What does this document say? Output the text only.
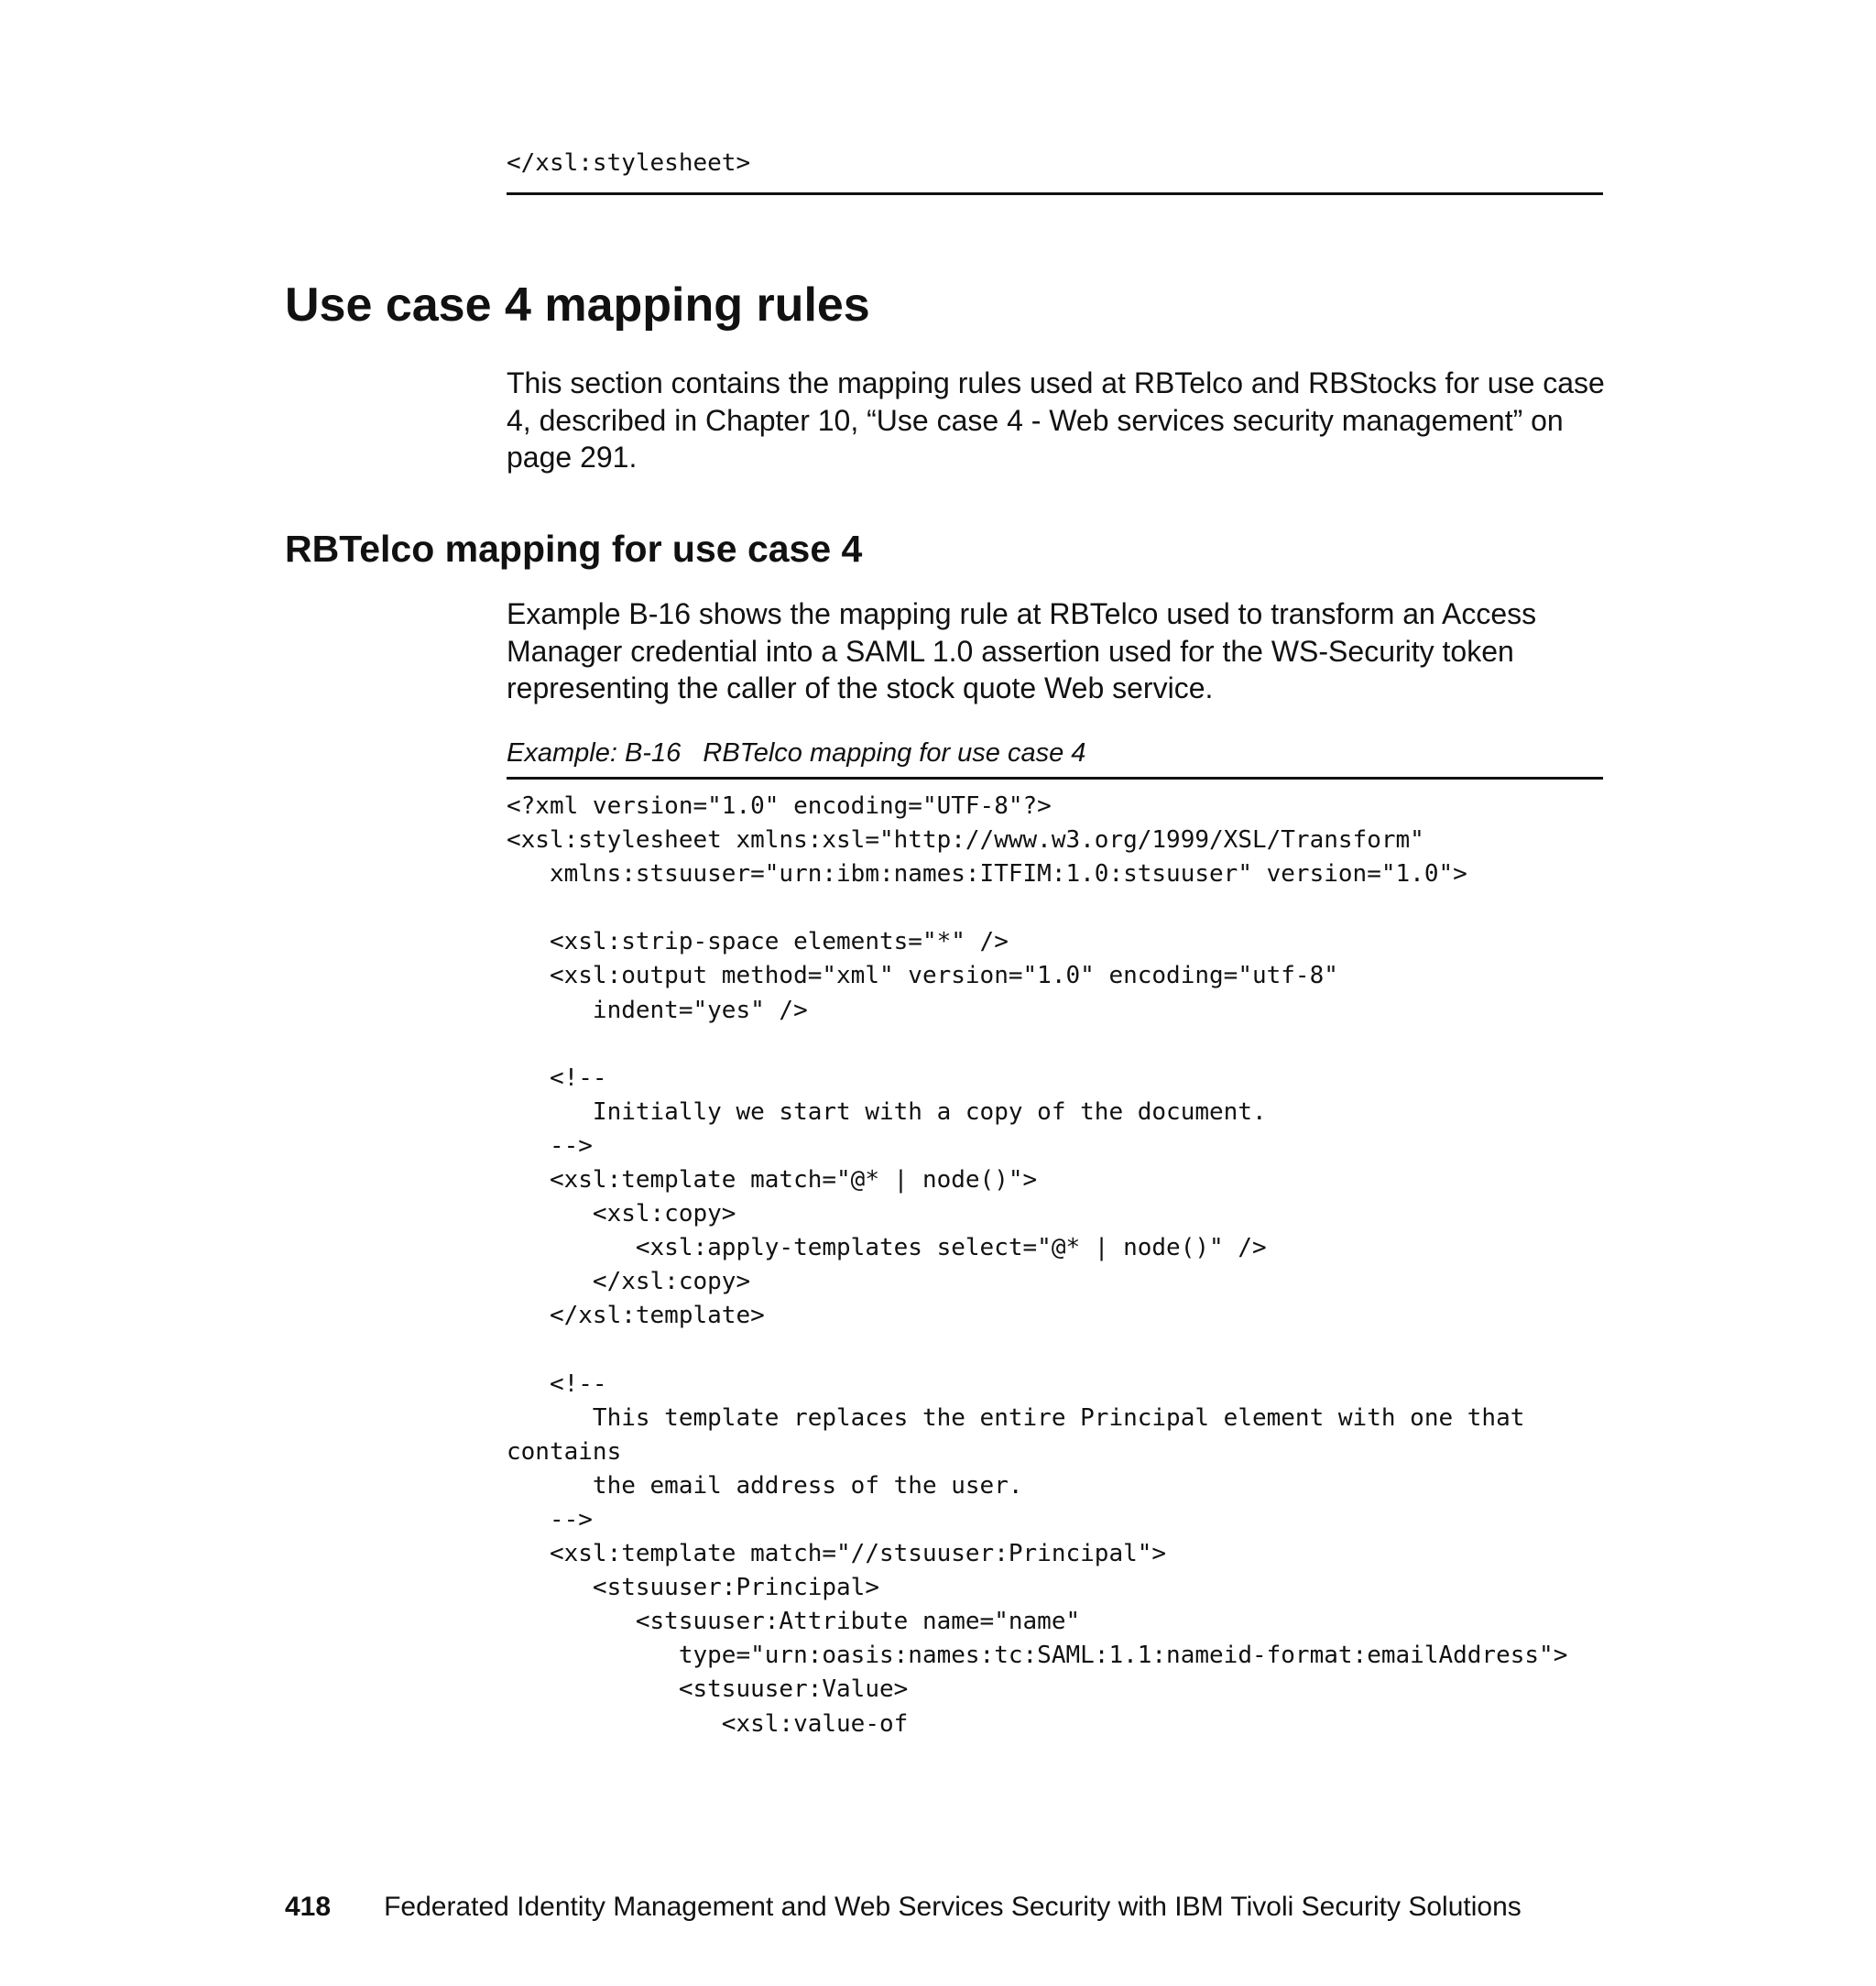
</xsl:stylesheet>
Use case 4 mapping rules

This section contains the mapping rules used at RBTelco and RBStocks for use case 4, described in Chapter 10, “Use case 4 - Web services security management” on page 291.

RBTelco mapping for use case 4

Example B-16 shows the mapping rule at RBTelco used to transform an Access Manager credential into a SAML 1.0 assertion used for the WS-Security token representing the caller of the stock quote Web service.

Example: B-16   RBTelco mapping for use case 4
<?xml version="1.0" encoding="UTF-8"?>
<xsl:stylesheet xmlns:xsl="http://www.w3.org/1999/XSL/Transform"
xmlns:stsuuser="urn:ibm:names:ITFIM:1.0:stsuuser" version="1.0">

<xsl:strip-space elements="*" />
<xsl:output method="xml" version="1.0" encoding="utf-8"
indent="yes" />

<!--
Initially we start with a copy of the document.
-->
<xsl:template match="@* | node()">
<xsl:copy>
<xsl:apply-templates select="@* | node()" />
</xsl:copy>
</xsl:template>

<!--
This template replaces the entire Principal element with one that
contains
the email address of the user.
-->
<xsl:template match="//stsuuser:Principal">
<stsuuser:Principal>
<stsuuser:Attribute name="name"
type="urn:oasis:names:tc:SAML:1.1:nameid-format:emailAddress">
<stsuuser:Value>
<xsl:value-of
418 Federated Identity Management and Web Services Security with IBM Tivoli Security Solutions
